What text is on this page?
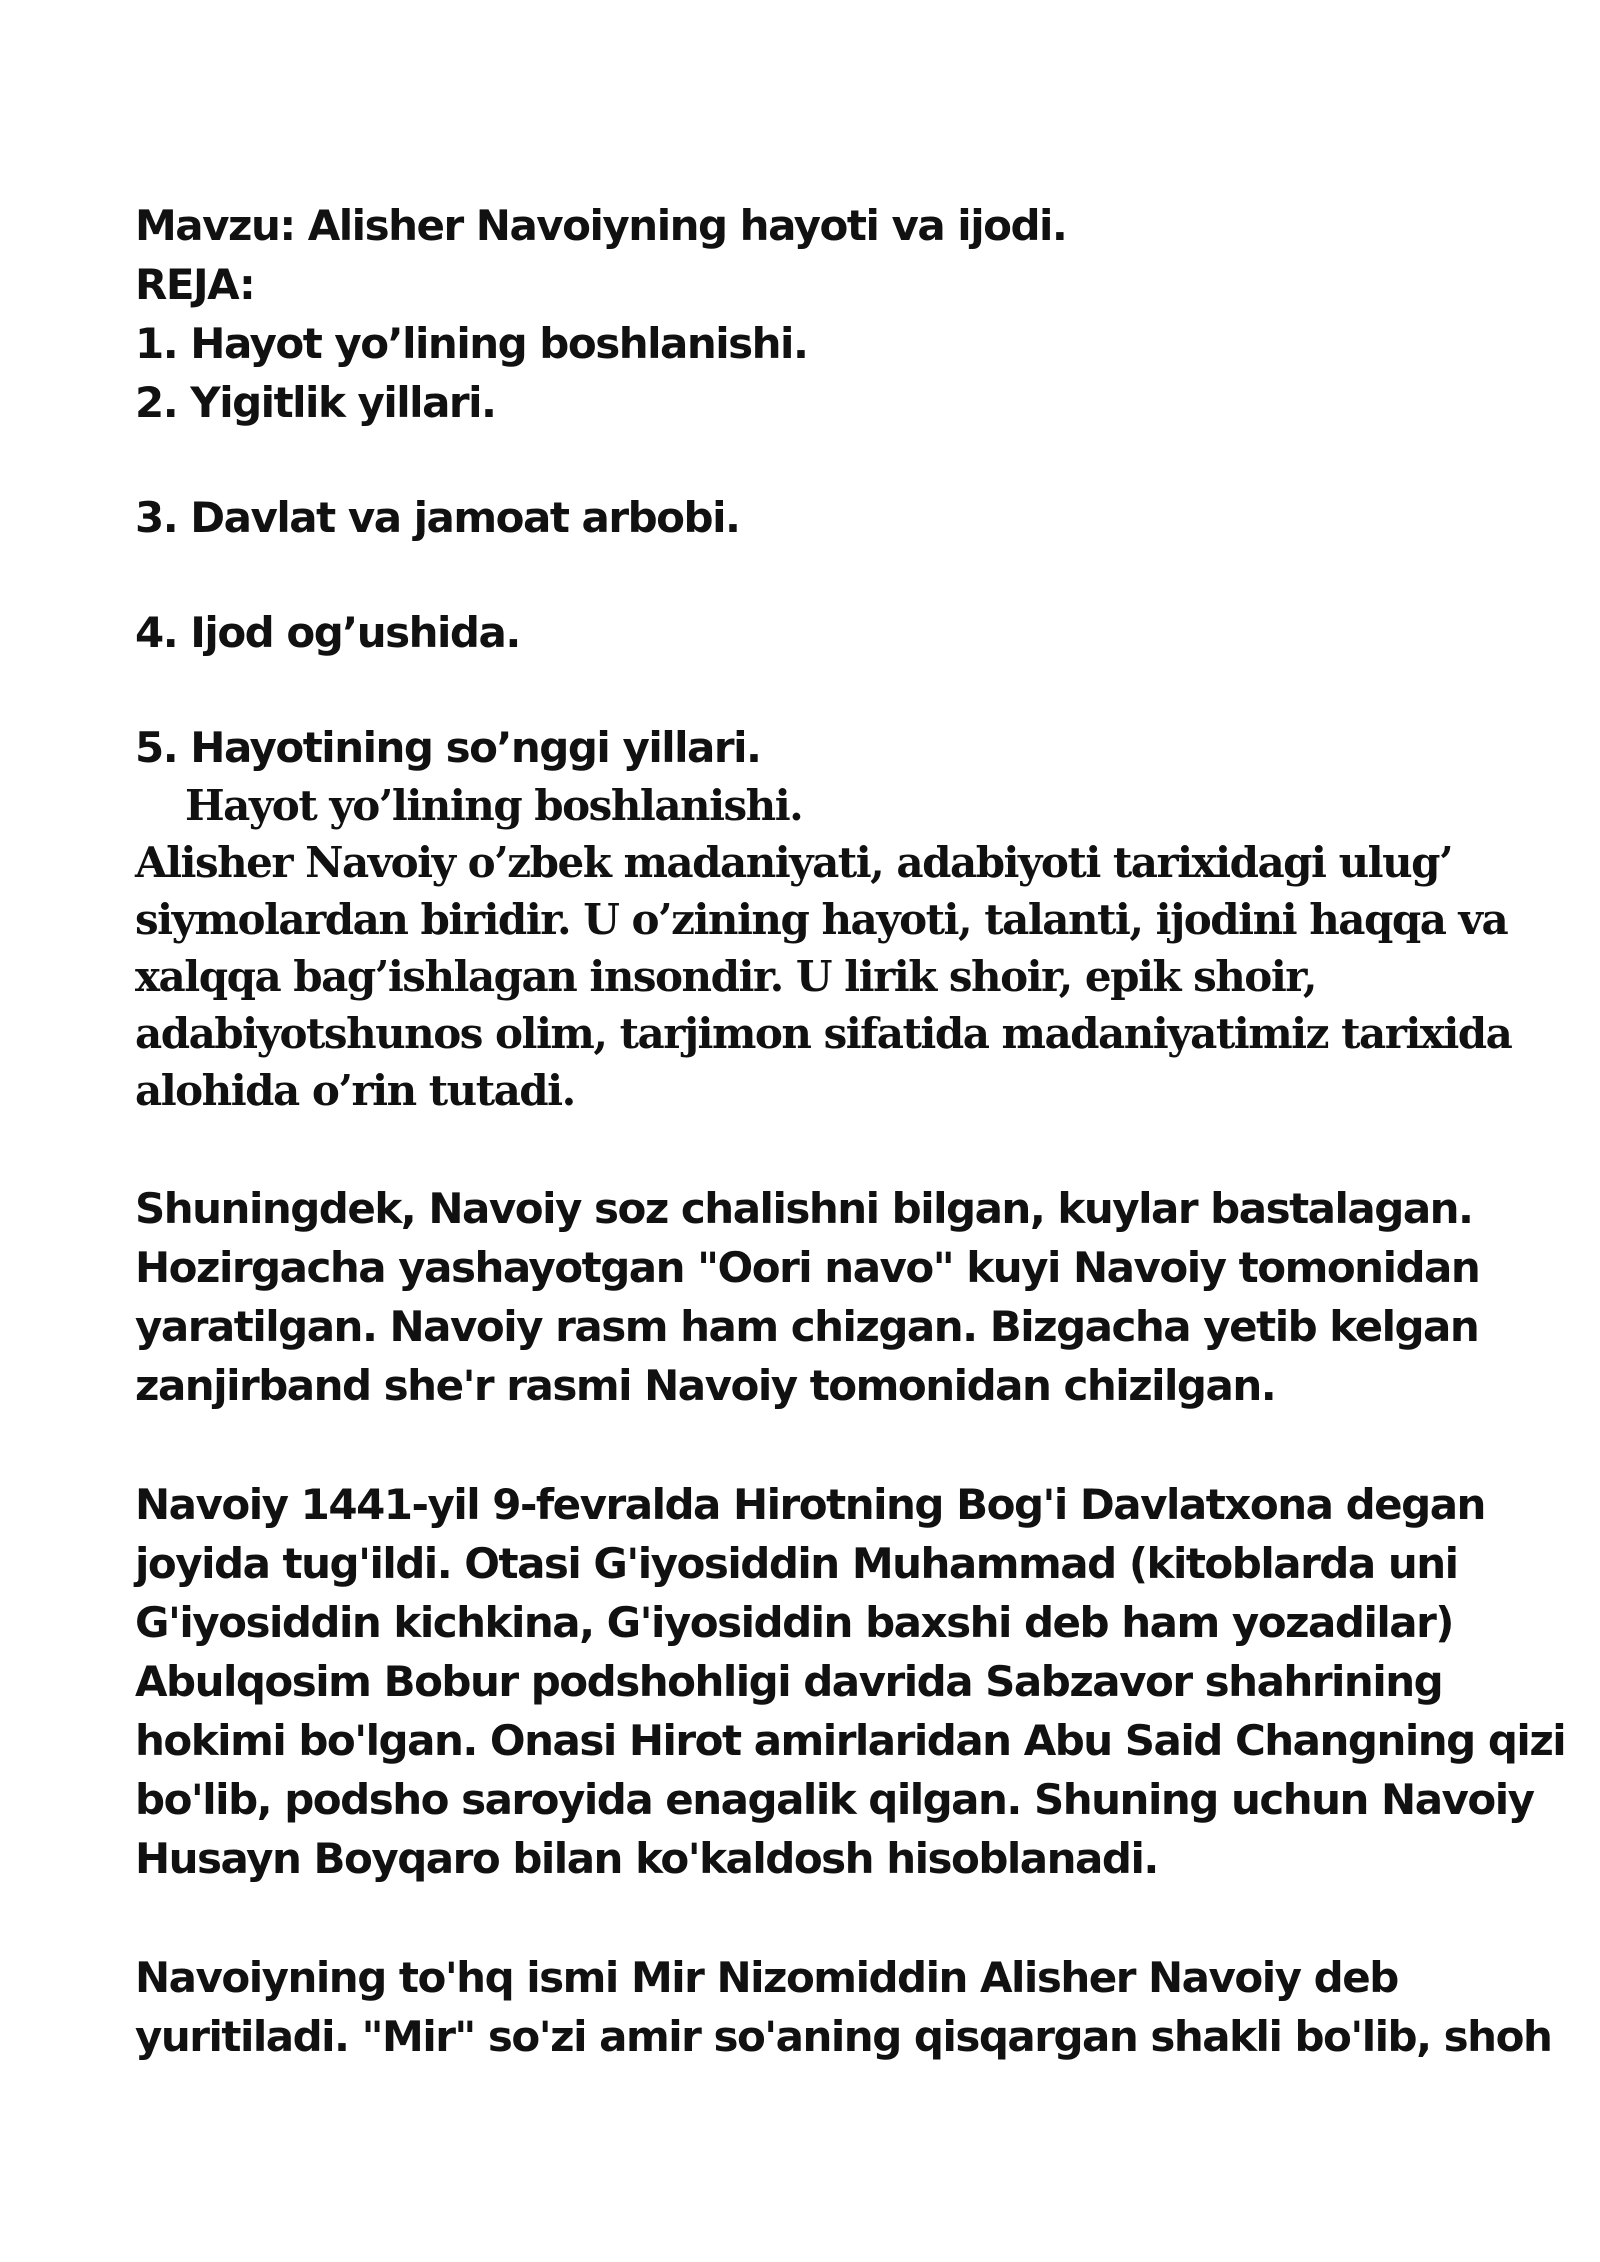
Mavzu: Alisher Navoiyning hayoti va ijodi.
REJA:
1. Hayot yo’lining boshlanishi.
2. Yigitlik yillari.
3. Davlat va jamoat arbobi.
4. Ijod og’ushida.
5. Hayotining so’nggi yillari.
Hayot yo’lining boshlanishi.
Alisher Navoiy o’zbek madaniyati, adabiyoti tarixidagi ulug’
siymolardan biridir. U o’zining hayoti, talanti, ijodini haqqa va
xalqqa bag’ishlagan insondir. U lirik shoir, epik shoir,
adabiyotshunos olim, tarjimon sifatida madaniyatimiz tarixida
alohida o’rin tutadi.
Shuningdek, Navoiy soz chalishni bilgan, kuylar bastalagan.
Hozirgacha yashayotgan "Oori navo" kuyi Navoiy tomonidan
yaratilgan. Navoiy rasm ham chizgan. Bizgacha yetib kelgan
zanjirband she'r rasmi Navoiy tomonidan chizilgan.
Navoiy 1441-yil 9-fevralda Hirotning Bog'i Davlatxona degan
joyida tug'ildi. Otasi G'iyosiddin Muhammad (kitoblarda uni
G'iyosiddin kichkina, G'iyosiddin baxshi deb ham yozadilar)
Abulqosim Bobur podshohligi davrida Sabzavor shahrining
hokimi bo'lgan. Onasi Hirot amirlaridan Abu Said Changning qizi
bo'lib, podsho saroyida enagalik qilgan. Shuning uchun Navoiy
Husayn Boyqaro bilan ko'kaldosh hisoblanadi.
Navoiyning to'hq ismi Mir Nizomiddin Alisher Navoiy deb
yuritiladi. "Mir" so'zi amir so'aning qisqargan shakli bo'lib, shoh
